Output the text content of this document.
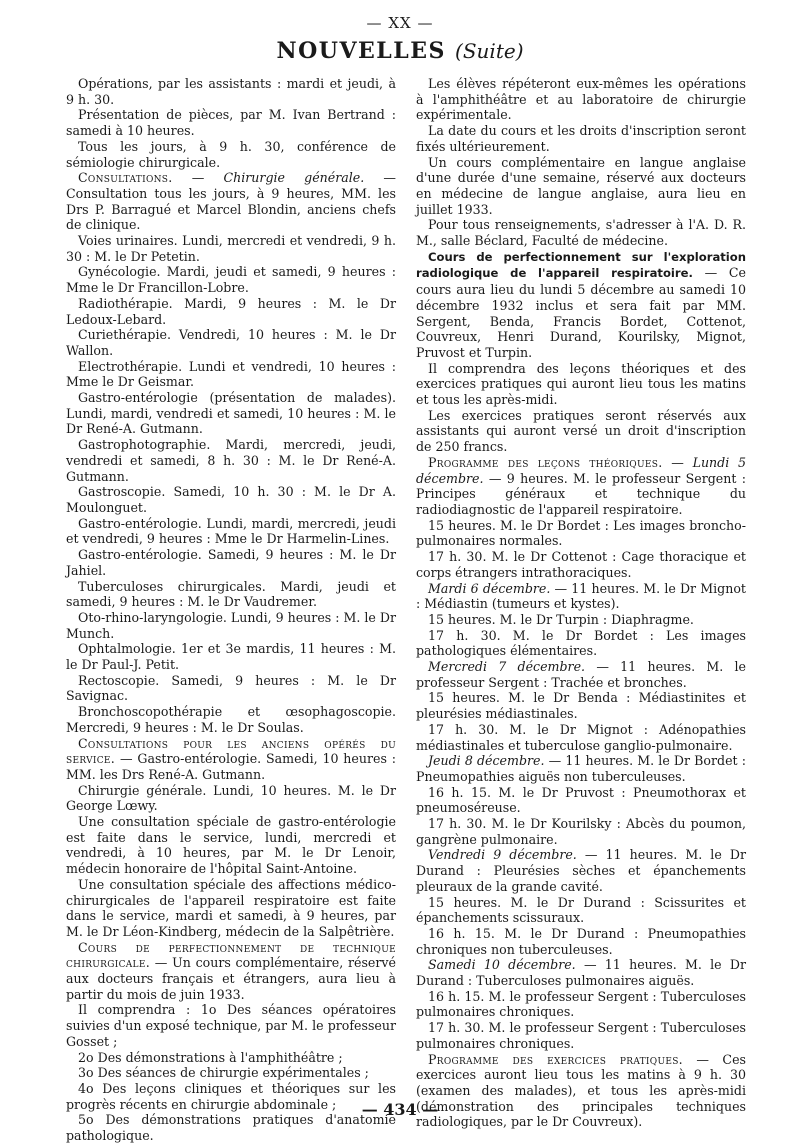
— XX —
NOUVELLES (Suite)

Opérations, par les assistants : mardi et jeudi, à 9 h. 30.

Présentation de pièces, par M. Ivan Bertrand : samedi à 10 heures.

Tous les jours, à 9 h. 30, conférence de sémiologie chirurgicale.

Consultations. — Chirurgie générale. — Consultation tous les jours, à 9 heures, MM. les Drs P. Barragué et Marcel Blondin, anciens chefs de clinique.

Voies urinaires. Lundi, mercredi et vendredi, 9 h. 30 : M. le Dr Petetin.

Gynécologie. Mardi, jeudi et samedi, 9 heures : Mme le Dr Francillon-Lobre.

Radiothérapie. Mardi, 9 heures : M. le Dr Ledoux-Lebard.

Curiethérapie. Vendredi, 10 heures : M. le Dr Wallon.

Electrothérapie. Lundi et vendredi, 10 heures : Mme le Dr Geismar.

Gastro-entérologie (présentation de malades). Lundi, mardi, vendredi et samedi, 10 heures : M. le Dr René-A. Gutmann.

Gastrophotographie. Mardi, mercredi, jeudi, vendredi et samedi, 8 h. 30 : M. le Dr René-A. Gutmann.

Gastroscopie. Samedi, 10 h. 30 : M. le Dr A. Moulonguet.

Gastro-entérologie. Lundi, mardi, mercredi, jeudi et vendredi, 9 heures : Mme le Dr Harmelin-Lines.

Gastro-entérologie. Samedi, 9 heures : M. le Dr Jahiel.

Tuberculoses chirurgicales. Mardi, jeudi et samedi, 9 heures : M. le Dr Vaudremer.

Oto-rhino-laryngologie. Lundi, 9 heures : M. le Dr Munch.

Ophtalmologie. 1er et 3e mardis, 11 heures : M. le Dr Paul-J. Petit.

Rectoscopie. Samedi, 9 heures : M. le Dr Savignac.

Bronchoscopothérapie et œsophagoscopie. Mercredi, 9 heures : M. le Dr Soulas.

Consultations pour les anciens opérés du service. — Gastro-entérologie. Samedi, 10 heures : MM. les Drs René-A. Gutmann.

Chirurgie générale. Lundi, 10 heures. M. le Dr George Lœwy.

Une consultation spéciale de gastro-entérologie est faite dans le service, lundi, mercredi et vendredi, à 10 heures, par M. le Dr Lenoir, médecin honoraire de l'hôpital Saint-Antoine.

Une consultation spéciale des affections médico-chirurgicales de l'appareil respiratoire est faite dans le service, mardi et samedi, à 9 heures, par M. le Dr Léon-Kindberg, médecin de la Salpêtrière.

Cours de perfectionnement de technique chirurgicale. — Un cours complémentaire, réservé aux docteurs français et étrangers, aura lieu à partir du mois de juin 1933.

Il comprendra : 1o Des séances opératoires suivies d'un exposé technique, par M. le professeur Gosset ;

2o Des démonstrations à l'amphithéâtre ;

3o Des séances de chirurgie expérimentales ;

4o Des leçons cliniques et théoriques sur les progrès récents en chirurgie abdominale ;

5o Des démonstrations pratiques d'anatomie pathologique.

Les élèves répéteront eux-mêmes les opérations à l'amphithéâtre et au laboratoire de chirurgie expérimentale.

La date du cours et les droits d'inscription seront fixés ultérieurement.

Un cours complémentaire en langue anglaise d'une durée d'une semaine, réservé aux docteurs en médecine de langue anglaise, aura lieu en juillet 1933.

Pour tous renseignements, s'adresser à l'A. D. R. M., salle Béclard, Faculté de médecine.

Cours de perfectionnement sur l'exploration radiologique de l'appareil respiratoire. — Ce cours aura lieu du lundi 5 décembre au samedi 10 décembre 1932 inclus et sera fait par MM. Sergent, Benda, Francis Bordet, Cottenot, Couvreux, Henri Durand, Kourilsky, Mignot, Pruvost et Turpin.

Il comprendra des leçons théoriques et des exercices pratiques qui auront lieu tous les matins et tous les après-midi.

Les exercices pratiques seront réservés aux assistants qui auront versé un droit d'inscription de 250 francs.

Programme des leçons théoriques. — Lundi 5 décembre. — 9 heures. M. le professeur Sergent : Principes généraux et technique du radiodiagnostic de l'appareil respiratoire.

15 heures. M. le Dr Bordet : Les images broncho-pulmonaires normales.

17 h. 30. M. le Dr Cottenot : Cage thoracique et corps étrangers intrathoraciques.

Mardi 6 décembre. — 11 heures. M. le Dr Mignot : Médiastin (tumeurs et kystes).

15 heures. M. le Dr Turpin : Diaphragme.

17 h. 30. M. le Dr Bordet : Les images pathologiques élémentaires.

Mercredi 7 décembre. — 11 heures. M. le professeur Sergent : Trachée et bronches.

15 heures. M. le Dr Benda : Médiastinites et pleurésies médiastinales.

17 h. 30. M. le Dr Mignot : Adénopathies médiastinales et tuberculose ganglio-pulmonaire.

Jeudi 8 décembre. — 11 heures. M. le Dr Bordet : Pneumopathies aiguës non tuberculeuses.

16 h. 15. M. le Dr Pruvost : Pneumothorax et pneumoséreuse.

17 h. 30. M. le Dr Kourilsky : Abcès du poumon, gangrène pulmonaire.

Vendredi 9 décembre. — 11 heures. M. le Dr Durand : Pleurésies sèches et épanchements pleuraux de la grande cavité.

15 heures. M. le Dr Durand : Scissurites et épanchements scissuraux.

16 h. 15. M. le Dr Durand : Pneumopathies chroniques non tuberculeuses.

Samedi 10 décembre. — 11 heures. M. le Dr Durand : Tuberculoses pulmonaires aiguës.

16 h. 15. M. le professeur Sergent : Tuberculoses pulmonaires chroniques.

17 h. 30. M. le professeur Sergent : Tuberculoses pulmonaires chroniques.

Programme des exercices pratiques. — Ces exercices auront lieu tous les matins à 9 h. 30 (examen des malades), et tous les après-midi (démonstration des principales techniques radiologiques, par le Dr Couvreux).

— 434 —
